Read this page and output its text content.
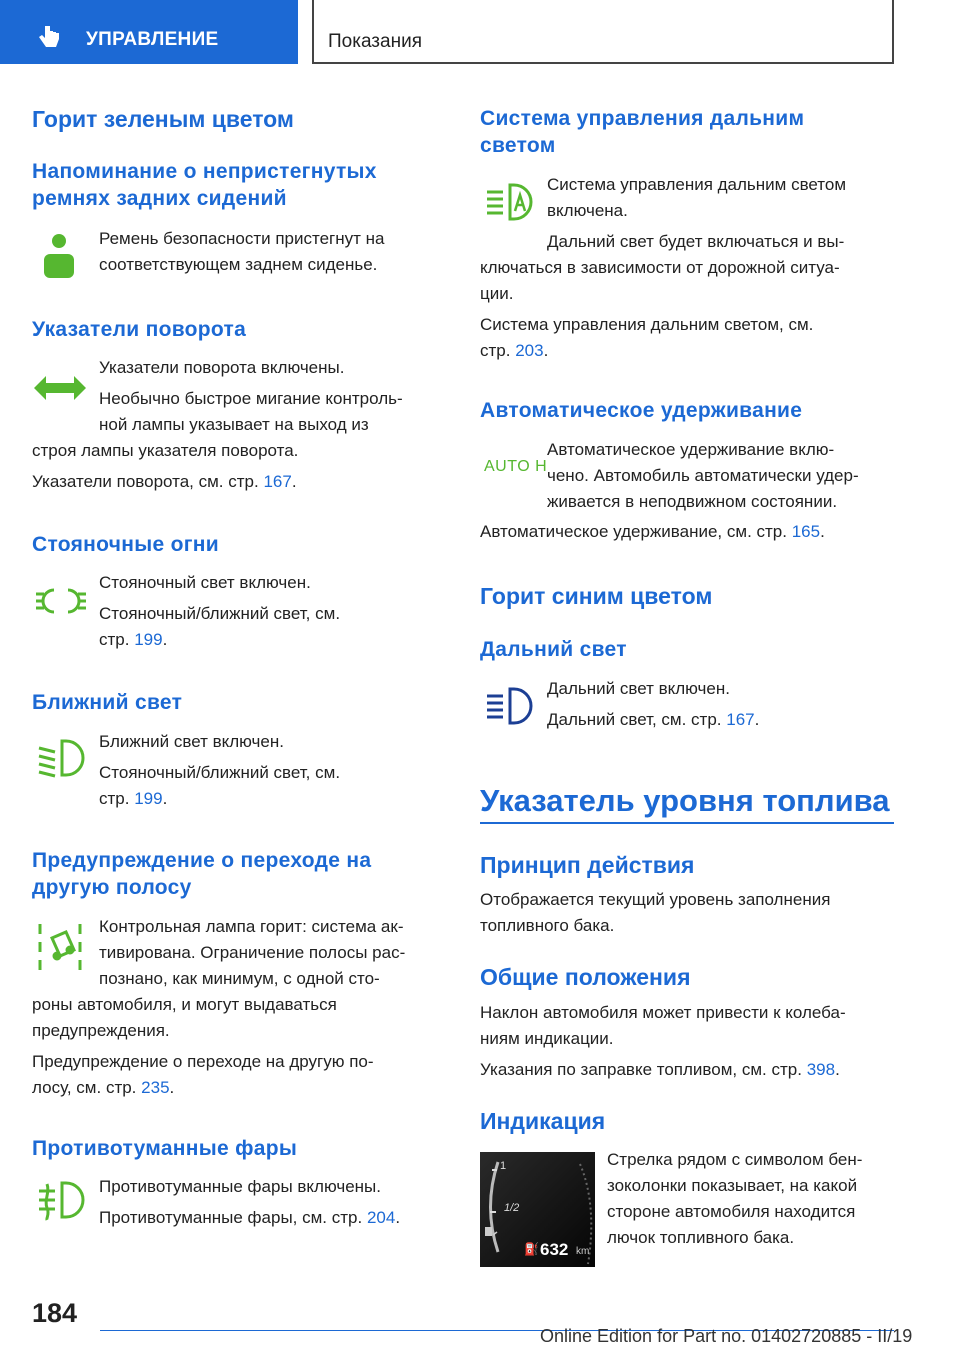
УПРАВЛЕНИЕ	Показания
Горит зеленым цветом
Напоминание о непристегнутых
ремнях задних сидений
Ремень безопасности пристегнут на
соответствующем заднем сиденье.
Указатели поворота
Указатели поворота включены.
Необычно быстрое мигание контроль-
ной лампы указывает на выход из
строя лампы указателя поворота.
Указатели поворота, см. стр. 167.
Стояночные огни
Стояночный свет включен.
Стояночный/ближний свет, см.
стр. 199.
Ближний свет
Ближний свет включен.
Стояночный/ближний свет, см.
стр. 199.
Предупреждение о переходе на
другую полосу
Контрольная лампа горит: система ак-
тивирована. Ограничение полосы рас-
познано, как минимум, с одной сто-
роны автомобиля, и могут выдаваться
предупреждения.
Предупреждение о переходе на другую по-
лосу, см. стр. 235.
Противотуманные фары
Противотуманные фары включены.
Противотуманные фары, см. стр. 204.
Система управления дальним
светом
Система управления дальним светом
включена.
Дальний свет будет включаться и вы-
ключаться в зависимости от дорожной ситуа-
ции.
Система управления дальним светом, см.
стр. 203.
Автоматическое удерживание
AUTO H
Автоматическое удерживание вклю-
чено. Автомобиль автоматически удер-
живается в неподвижном состоянии.
Автоматическое удерживание, см. стр. 165.
Горит синим цветом
Дальний свет
Дальний свет включен.
Дальний свет, см. стр. 167.
Указатель уровня топлива
Принцип действия
Отображается текущий уровень заполнения
топливного бака.
Общие положения
Наклон автомобиля может привести к колеба-
ниям индикации.
Указания по заправке топливом, см. стр. 398.
Индикация
1
1/2
⛽ 632 km
Стрелка рядом с символом бен-
зоколонки показывает, на какой
стороне автомобиля находится
лючок топливного бака.
184
Online Edition for Part no. 01402720885 - II/19
